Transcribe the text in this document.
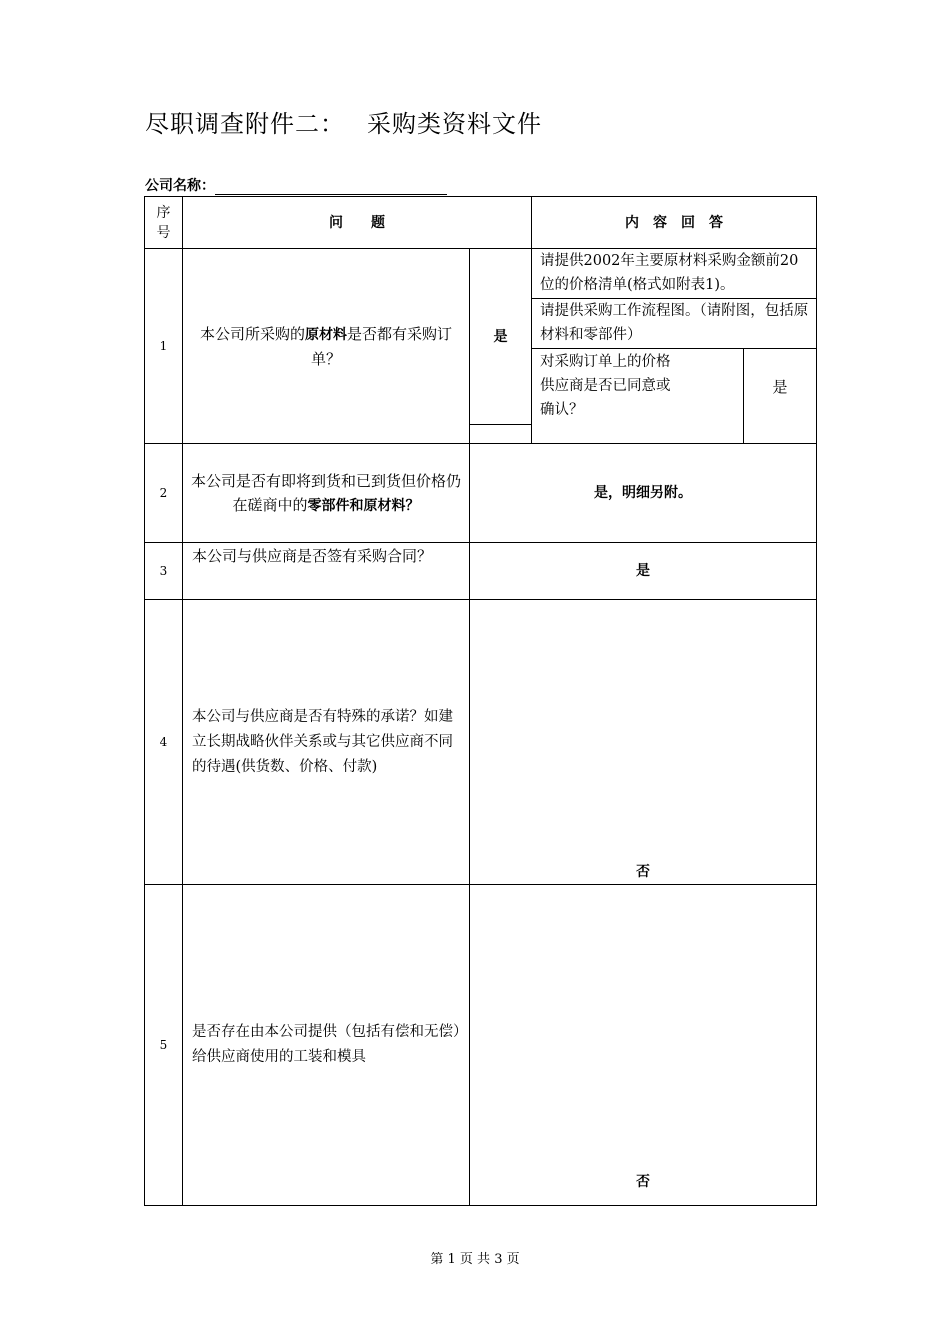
尽职调查附件二： 采购类资料文件
公司名称：
序
号
问　　题	内　容　回　答
1
本公司所采购的原材料是否都有采购订单？
是
请提供2002年主要原材料采购金额前20位的价格清单(格式如附表1)。
请提供采购工作流程图。（请附图，包括原材料和零部件）
对采购订单上的价格供应商是否已同意或确认？
是
2
本公司是否有即将到货和已到货但价格仍在磋商中的零部件和原材料？
是，明细另附。
3
本公司与供应商是否签有采购合同？
是
4
本公司与供应商是否有特殊的承诺？如建立长期战略伙伴关系或与其它供应商不同的待遇(供货数、价格、付款)
否
5
是否存在由本公司提供（包括有偿和无偿）给供应商使用的工装和模具
否
第 1 页 共 3 页
